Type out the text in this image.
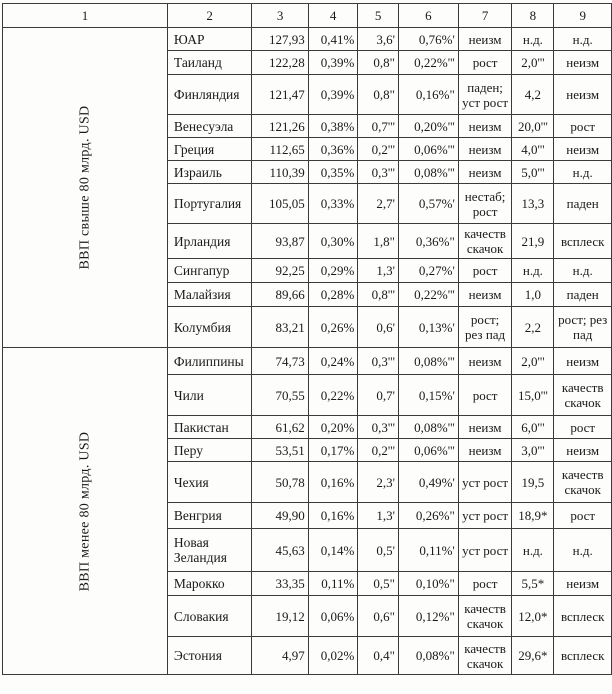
1	2	3	4	5	6	7	8	9

ВВП свыше 80 млрд. USD	ЮАР	127,93	0,41%	3,6'	0,76%'	неизм	н.д.	н.д.
	Таиланд	122,28	0,39%	0,8"	0,22%'''	рост	2,0'''	неизм
	Финляндия	121,47	0,39%	0,8"	0,16%"	паден; уст рост	4,2	неизм
	Венесуэла	121,26	0,38%	0,7'''	0,20%'''	неизм	20,0'''	рост
	Греция	112,65	0,36%	0,2'''	0,06%'''	неизм	4,0'''	неизм
	Израиль	110,39	0,35%	0,3'''	0,08%'''	неизм	5,0'''	н.д.
	Португалия	105,05	0,33%	2,7'	0,57%'	нестаб; рост	13,3	паден
	Ирландия	93,87	0,30%	1,8"	0,36%"	качеств скачок	21,9	всплеск
	Сингапур	92,25	0,29%	1,3'	0,27%'	рост	н.д.	н.д.
	Малайзия	89,66	0,28%	0,8'''	0,22%'''	неизм	1,0	паден
	Колумбия	83,21	0,26%	0,6'	0,13%'	рост; рез пад	2,2	рост; рез пад

ВВП менее 80 млрд. USD	Филиппины	74,73	0,24%	0,3'''	0,08%'''	неизм	2,0'''	неизм
	Чили	70,55	0,22%	0,7'	0,15%'	рост	15,0'''	качеств скачок
	Пакистан	61,62	0,20%	0,3'''	0,08%'''	неизм	6,0'''	рост
	Перу	53,51	0,17%	0,2'''	0,06%'''	неизм	3,0'''	неизм
	Чехия	50,78	0,16%	2,3'	0,49%'	уст рост	19,5	качеств скачок
	Венгрия	49,90	0,16%	1,3'	0,26%"	уст рост	18,9*	рост
	Новая Зеландия	45,63	0,14%	0,5'	0,11%'	уст рост	н.д.	н.д.
	Марокко	33,35	0,11%	0,5"	0,10%"	рост	5,5*	неизм
	Словакия	19,12	0,06%	0,6"	0,12%"	качеств скачок	12,0*	всплеск
	Эстония	4,97	0,02%	0,4"	0,08%"	качеств скачок	29,6*	всплеск
